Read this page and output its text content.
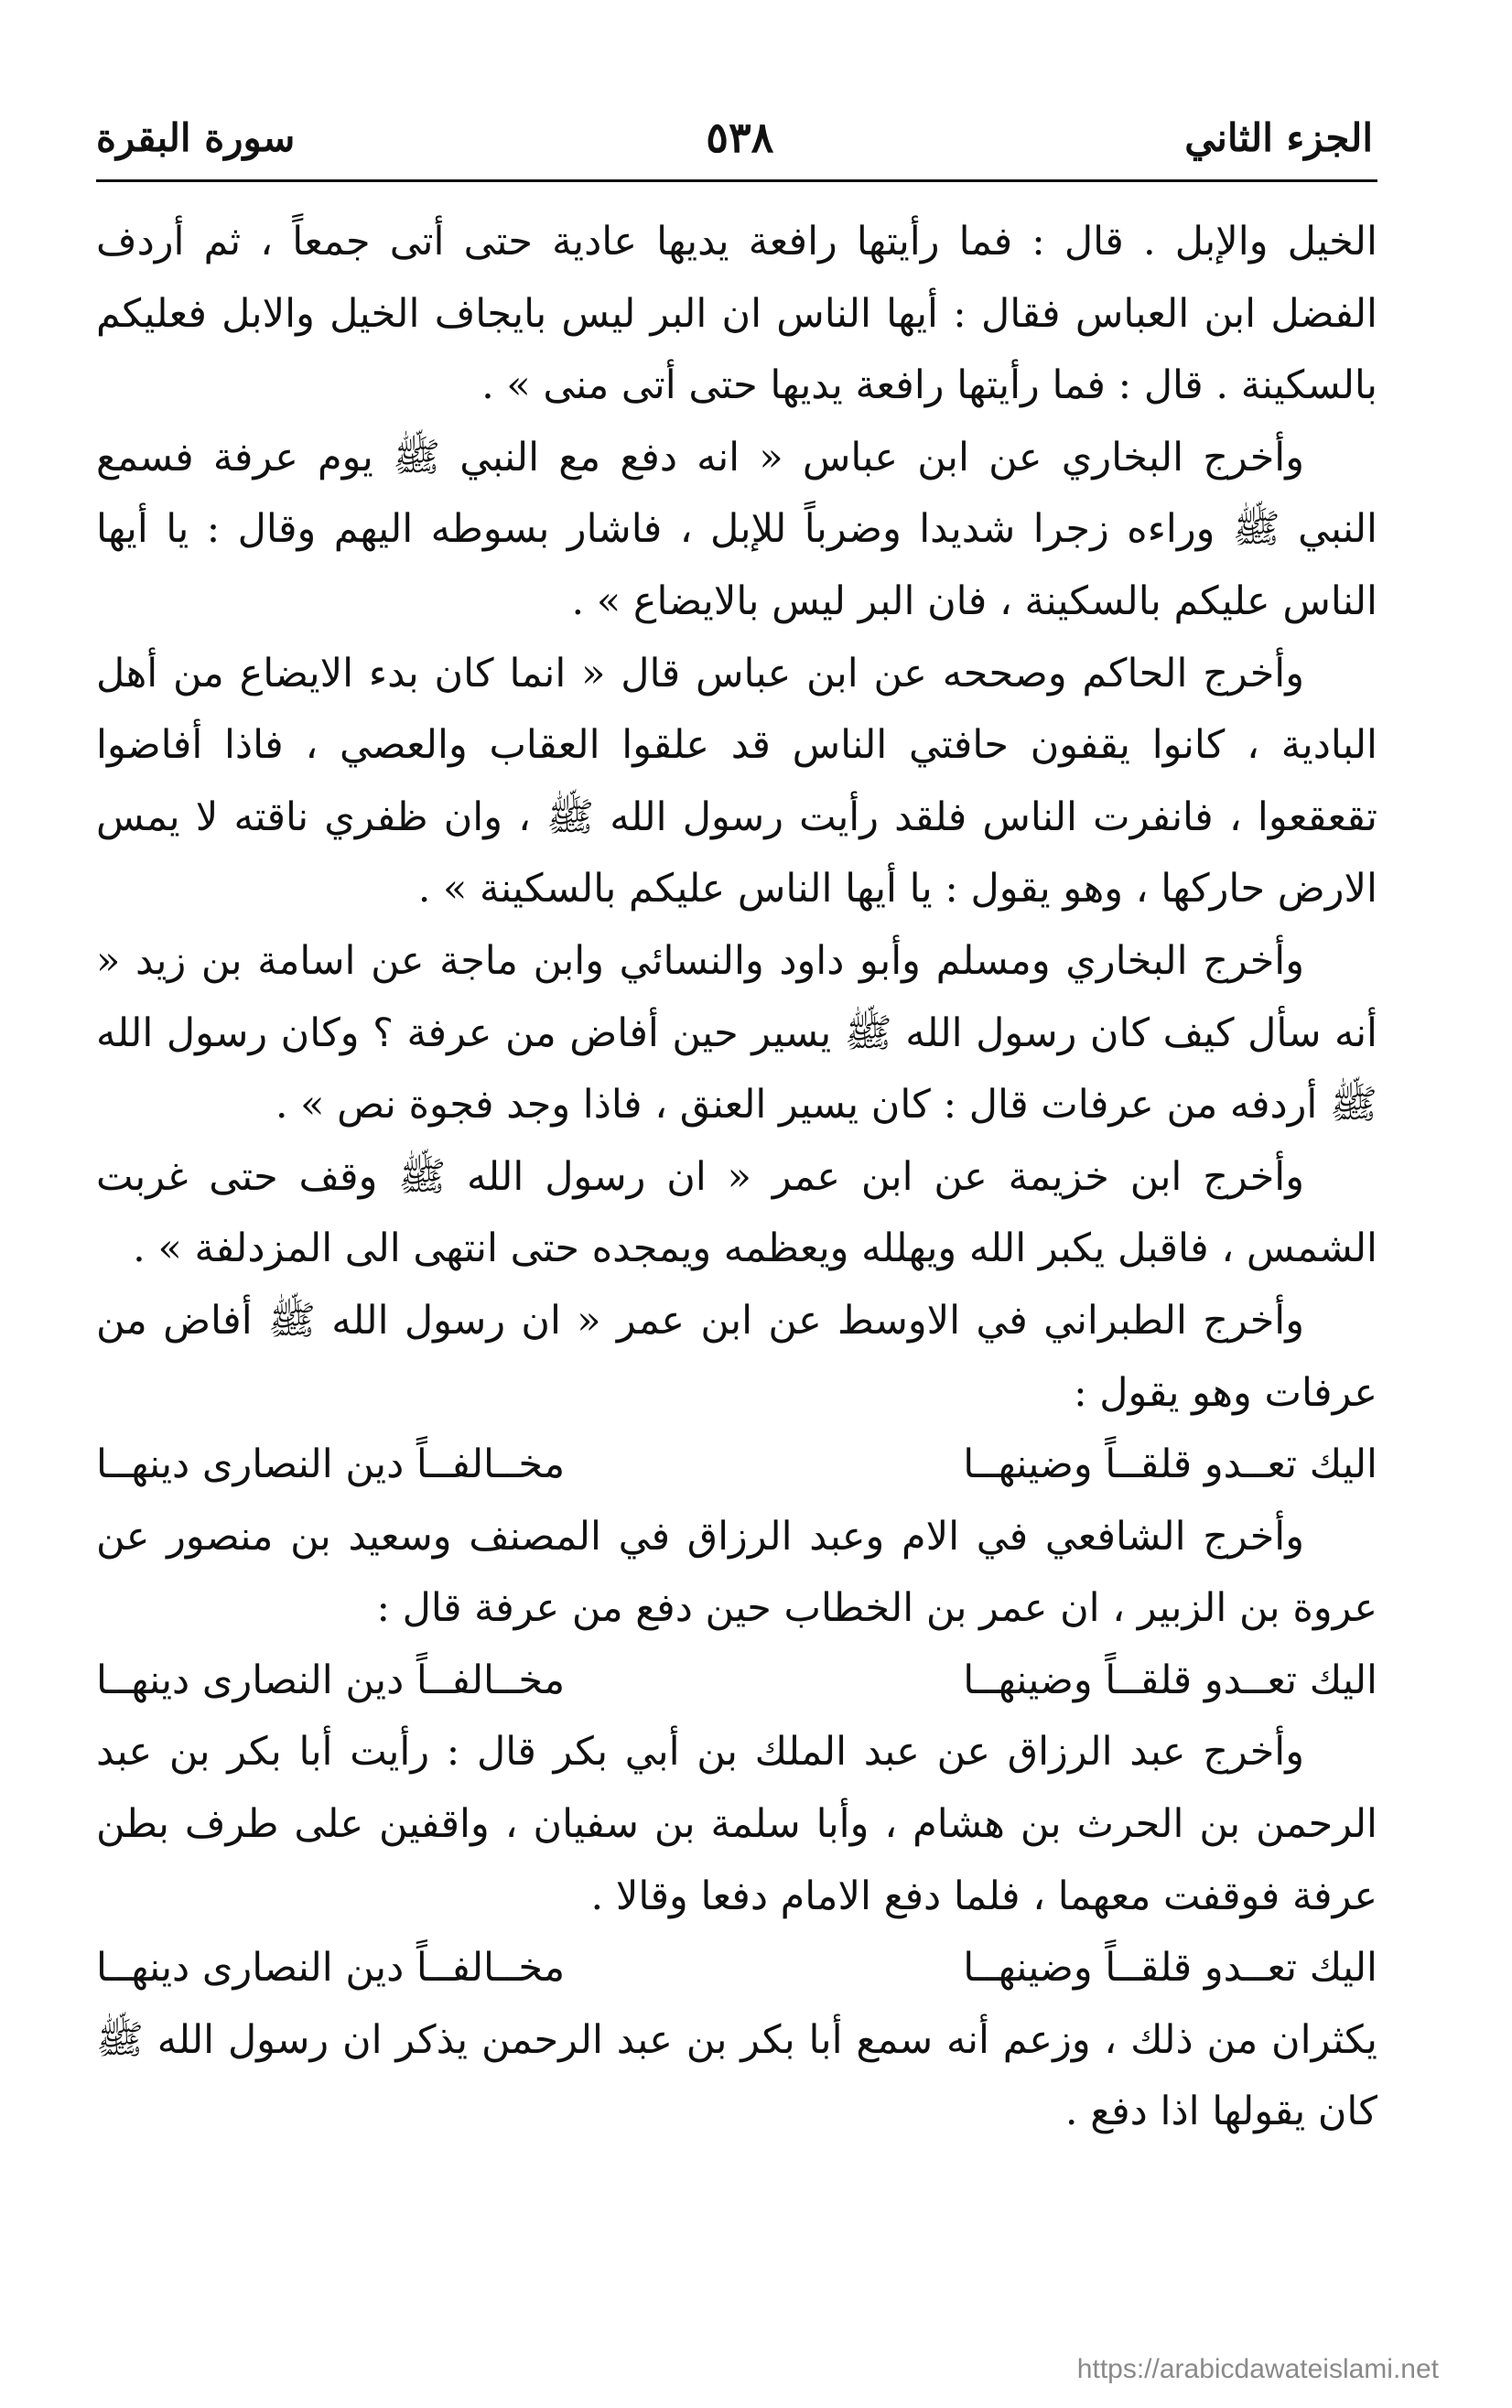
الجزء الثاني
٥٣٨
سورة البقرة

الخيل والإبل . قال : فما رأيتها رافعة يديها عادية حتى أتى جمعاً ، ثم أردف الفضل ابن العباس فقال : أيها الناس ان البر ليس بايجاف الخيل والابل فعليكم بالسكينة . قال : فما رأيتها رافعة يديها حتى أتى منى » .

وأخرج البخاري عن ابن عباس « انه دفع مع النبي ﷺ يوم عرفة فسمع النبي ﷺ وراءه زجرا شديدا وضرباً للإبل ، فاشار بسوطه اليهم وقال : يا أيها الناس عليكم بالسكينة ، فان البر ليس بالايضاع » .

وأخرج الحاكم وصححه عن ابن عباس قال « انما كان بدء الايضاع من أهل البادية ، كانوا يقفون حافتي الناس قد علقوا العقاب والعصي ، فاذا أفاضوا تقعقعوا ، فانفرت الناس فلقد رأيت رسول الله ﷺ ، وان ظفري ناقته لا يمس الارض حاركها ، وهو يقول : يا أيها الناس عليكم بالسكينة » .

وأخرج البخاري ومسلم وأبو داود والنسائي وابن ماجة عن اسامة بن زيد « أنه سأل كيف كان رسول الله ﷺ يسير حين أفاض من عرفة ؟ وكان رسول الله ﷺ أردفه من عرفات قال : كان يسير العنق ، فاذا وجد فجوة نص » .

وأخرج ابن خزيمة عن ابن عمر « ان رسول الله ﷺ وقف حتى غربت الشمس ، فاقبل يكبر الله ويهلله ويعظمه ويمجده حتى انتهى الى المزدلفة » .

وأخرج الطبراني في الاوسط عن ابن عمر « ان رسول الله ﷺ أفاض من عرفات وهو يقول :

اليك تعــدو قلقــاً وضينهــا
مخــالفــاً دين النصارى دينهــا

وأخرج الشافعي في الام وعبد الرزاق في المصنف وسعيد بن منصور عن عروة بن الزبير ، ان عمر بن الخطاب حين دفع من عرفة قال :

اليك تعــدو قلقــاً وضينهــا
مخــالفــاً دين النصارى دينهــا

وأخرج عبد الرزاق عن عبد الملك بن أبي بكر قال : رأيت أبا بكر بن عبد الرحمن بن الحرث بن هشام ، وأبا سلمة بن سفيان ، واقفين على طرف بطن عرفة فوقفت معهما ، فلما دفع الامام دفعا وقالا .

اليك تعــدو قلقــاً وضينهــا
مخــالفــاً دين النصارى دينهــا

يكثران من ذلك ، وزعم أنه سمع أبا بكر بن عبد الرحمن يذكر ان رسول الله ﷺ كان يقولها اذا دفع .

https://arabicdawateislami.net
